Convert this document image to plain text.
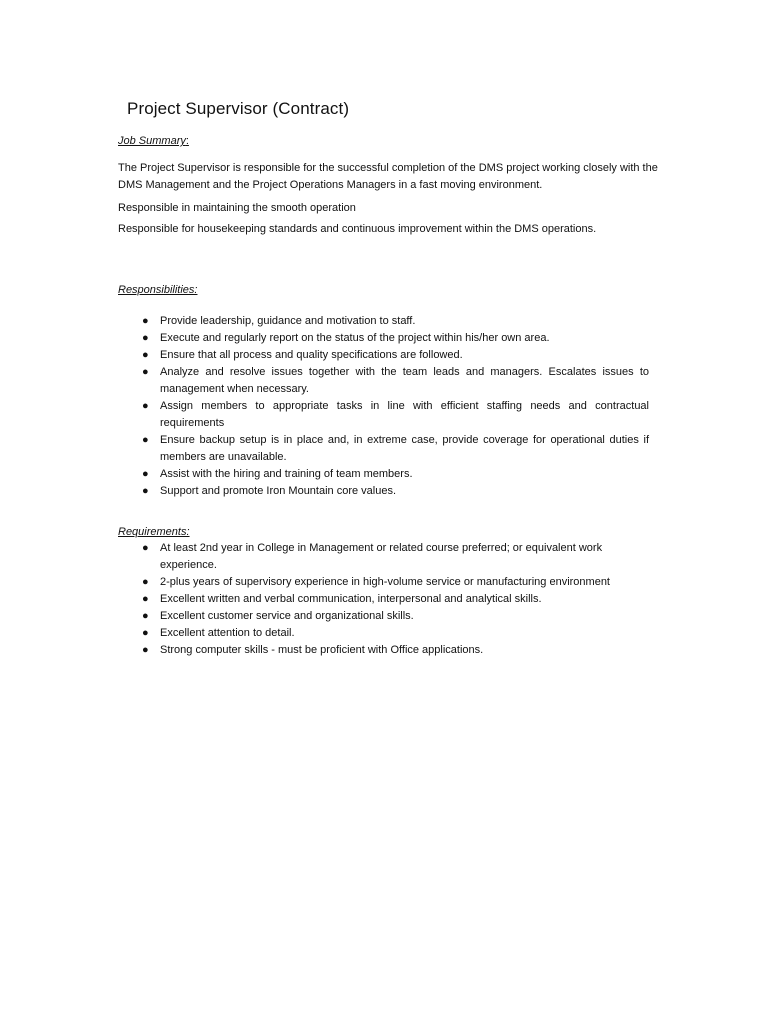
Project Supervisor (Contract)

Job Summary:

The Project Supervisor is responsible for the successful completion of the DMS project working closely with the DMS Management and the Project Operations Managers in a fast moving environment.

Responsible in maintaining the smooth operation

Responsible for housekeeping standards and continuous improvement within the DMS operations.

Responsibilities:

● Provide leadership, guidance and motivation to staff.
● Execute and regularly report on the status of the project within his/her own area.
● Ensure that all process and quality specifications are followed.
● Analyze and resolve issues together with the team leads and managers. Escalates issues to management when necessary.
● Assign members to appropriate tasks in line with efficient staffing needs and contractual requirements
● Ensure backup setup is in place and, in extreme case, provide coverage for operational duties if members are unavailable.
● Assist with the hiring and training of team members.
● Support and promote Iron Mountain core values.

Requirements:

● At least 2nd year in College in Management or related course preferred; or equivalent work experience.
● 2-plus years of supervisory experience in high-volume service or manufacturing environment
● Excellent written and verbal communication, interpersonal and analytical skills.
● Excellent customer service and organizational skills.
● Excellent attention to detail.
● Strong computer skills - must be proficient with Office applications.
